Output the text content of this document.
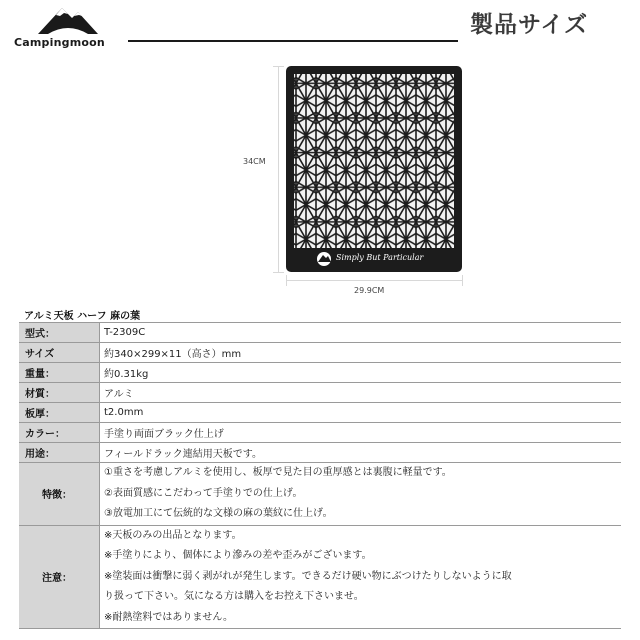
Campingmoon
製品サイズ
34CM
Simply But Particular
29.9CM
アルミ天板 ハーフ 麻の葉
型式：	T-2309C
サイズ	約340×299×11（高さ）mm
重量：	約0.31kg
材質：	アルミ
板厚：	t2.0mm
カラー：	手塗り両面ブラック仕上げ
用途：	フィールドラック連結用天板です。
特徴：	①重さを考慮しアルミを使用し、板厚で見た目の重厚感とは裏腹に軽量です。
②表面質感にこだわって手塗りでの仕上げ。
③放電加工にて伝統的な文様の麻の葉紋に仕上げ。

注意：	※天板のみの出品となります。
※手塗りにより、個体により滲みの差や歪みがございます。
※塗装面は衝撃に弱く剥がれが発生します。できるだけ硬い物にぶつけたりしないように取
り扱って下さい。気になる方は購入をお控え下さいませ。
※耐熱塗料ではありません。
